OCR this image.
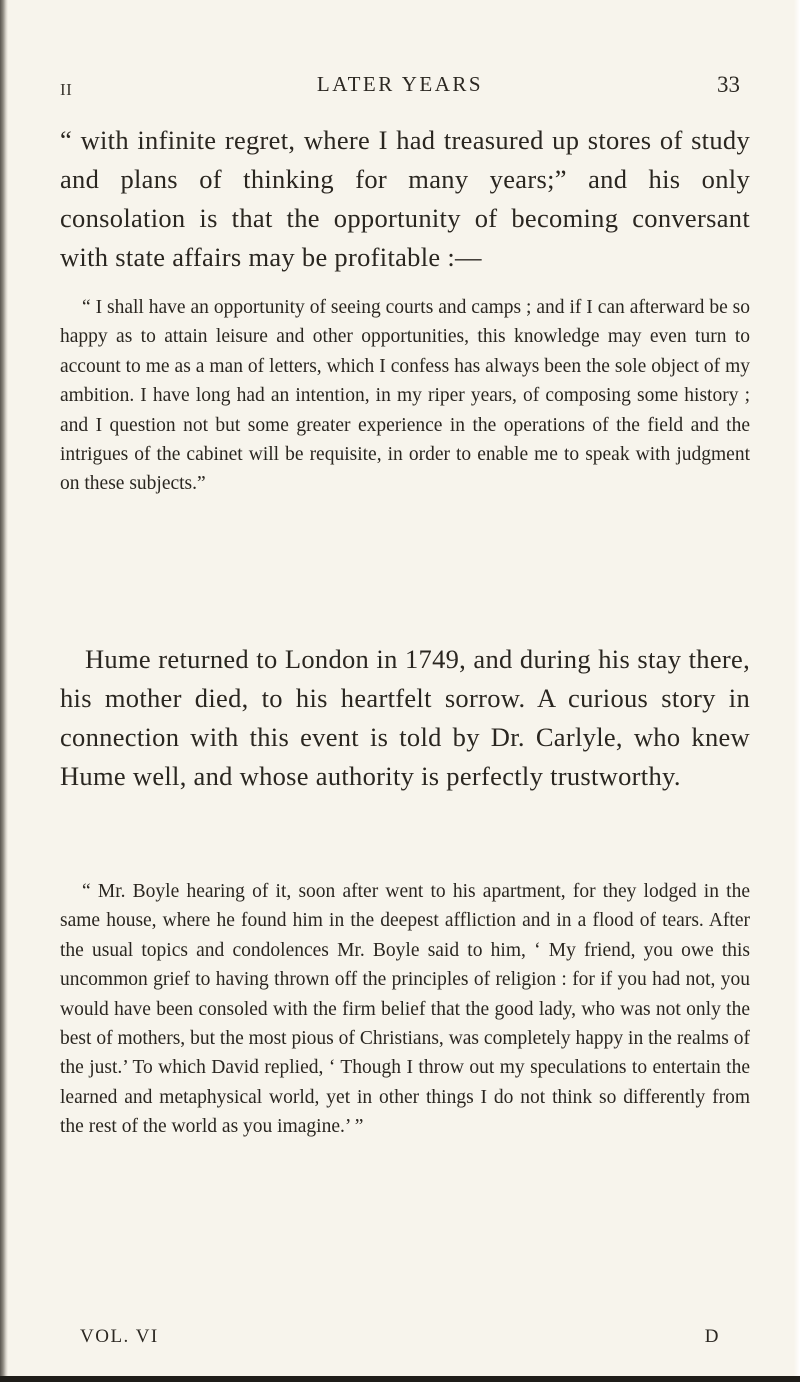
II	LATER YEARS	33

“ with infinite regret, where I had treasured up stores of study and plans of thinking for many years;” and his only consolation is that the opportunity of becoming conversant with state affairs may be profitable :—

“ I shall have an opportunity of seeing courts and camps ; and if I can afterward be so happy as to attain leisure and other opportunities, this knowledge may even turn to account to me as a man of letters, which I confess has always been the sole object of my ambition. I have long had an intention, in my riper years, of composing some history ; and I question not but some greater experience in the operations of the field and the intrigues of the cabinet will be requisite, in order to enable me to speak with judgment on these subjects.”

Hume returned to London in 1749, and during his stay there, his mother died, to his heartfelt sorrow. A curious story in connection with this event is told by Dr. Carlyle, who knew Hume well, and whose authority is perfectly trustworthy.

“ Mr. Boyle hearing of it, soon after went to his apartment, for they lodged in the same house, where he found him in the deepest affliction and in a flood of tears. After the usual topics and condolences Mr. Boyle said to him, ‘ My friend, you owe this uncommon grief to having thrown off the principles of religion : for if you had not, you would have been consoled with the firm belief that the good lady, who was not only the best of mothers, but the most pious of Christians, was completely happy in the realms of the just.’ To which David replied, ‘ Though I throw out my speculations to entertain the learned and metaphysical world, yet in other things I do not think so differently from the rest of the world as you imagine.’ ”

VOL. VI	D
